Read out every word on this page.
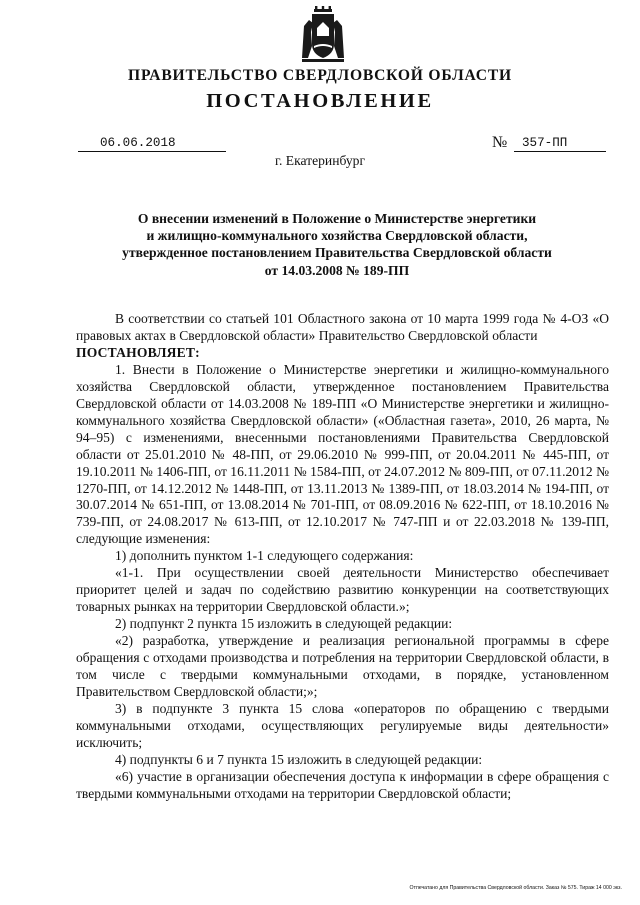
ПРАВИТЕЛЬСТВО СВЕРДЛОВСКОЙ ОБЛАСТИ
ПОСТАНОВЛЕНИЕ
06.06.2018	№ 357-ПП
г. Екатеринбург
О внесении изменений в Положение о Министерстве энергетики
и жилищно-коммунального хозяйства Свердловской области,
утвержденное постановлением Правительства Свердловской области
от 14.03.2008 № 189-ПП

В соответствии со статьей 101 Областного закона от 10 марта 1999 года № 4-ОЗ «О правовых актах в Свердловской области» Правительство Свердловской области

ПОСТАНОВЛЯЕТ:

1. Внести в Положение о Министерстве энергетики и жилищно-коммунального хозяйства Свердловской области, утвержденное постановлением Правительства Свердловской области от 14.03.2008 № 189-ПП «О Министерстве энергетики и жилищно-коммунального хозяйства Свердловской области» («Областная газета», 2010, 26 марта, № 94–95) с изменениями, внесенными постановлениями Правительства Свердловской области от 25.01.2010 № 48-ПП, от 29.06.2010 № 999-ПП, от 20.04.2011 № 445-ПП, от 19.10.2011 № 1406-ПП, от 16.11.2011 № 1584-ПП, от 24.07.2012 № 809-ПП, от 07.11.2012 № 1270-ПП, от 14.12.2012 № 1448-ПП, от 13.11.2013 № 1389-ПП, от 18.03.2014 № 194-ПП, от 30.07.2014 № 651-ПП, от 13.08.2014 № 701-ПП, от 08.09.2016 № 622-ПП, от 18.10.2016 № 739-ПП, от 24.08.2017 № 613-ПП, от 12.10.2017 № 747-ПП и от 22.03.2018 № 139-ПП, следующие изменения:

1) дополнить пунктом 1-1 следующего содержания:

«1-1. При осуществлении своей деятельности Министерство обеспечивает приоритет целей и задач по содействию развитию конкуренции на соответствующих товарных рынках на территории Свердловской области.»;

2) подпункт 2 пункта 15 изложить в следующей редакции:

«2) разработка, утверждение и реализация региональной программы в сфере обращения с отходами производства и потребления на территории Свердловской области, в том числе с твердыми коммунальными отходами, в порядке, установленном Правительством Свердловской области;»;

3) в подпункте 3 пункта 15 слова «операторов по обращению с твердыми коммунальными отходами, осуществляющих регулируемые виды деятельности» исключить;

4) подпункты 6 и 7 пункта 15 изложить в следующей редакции:

«6) участие в организации обеспечения доступа к информации в сфере обращения с твердыми коммунальными отходами на территории Свердловской области;

Отпечатано для Правительства Свердловской области. Заказ № 575. Тираж 14 000 экз.
